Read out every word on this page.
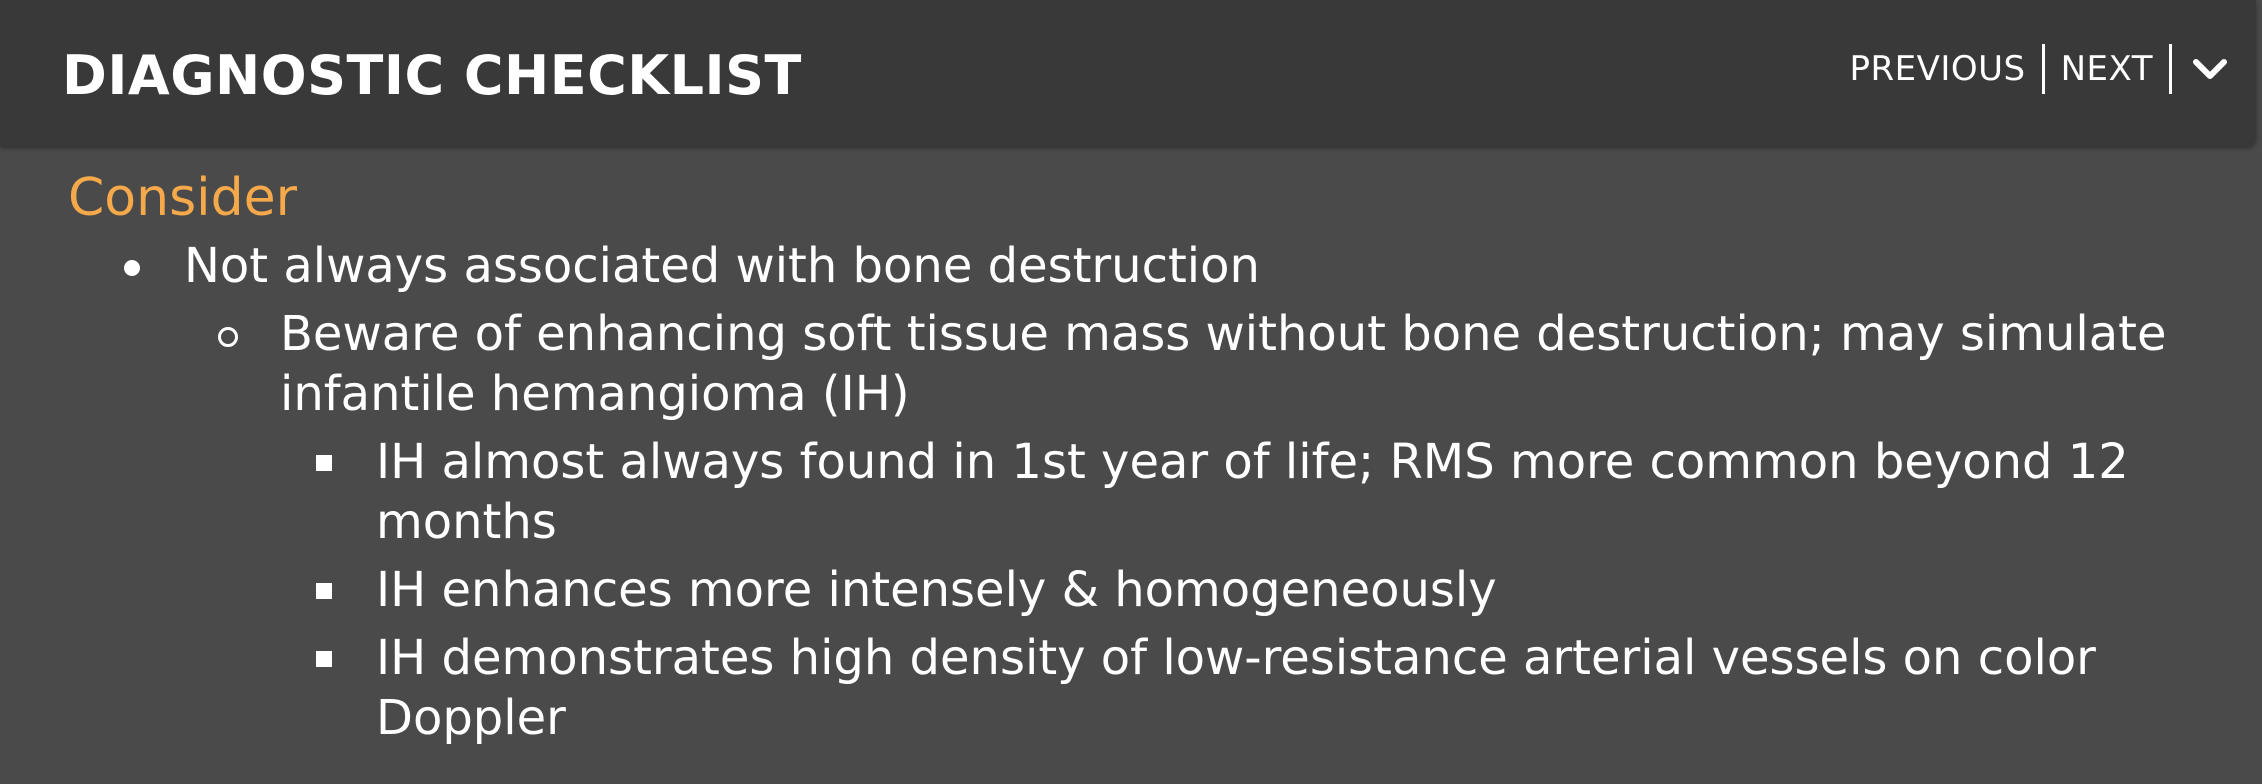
DIAGNOSTIC CHECKLIST	PREVIOUS NEXT
Consider
Not always associated with bone destruction
Beware of enhancing soft tissue mass without bone destruction; may simulate infantile hemangioma (IH)
IH almost always found in 1st year of life; RMS more common beyond 12 months
IH enhances more intensely & homogeneously
IH demonstrates high density of low-resistance arterial vessels on color Doppler
